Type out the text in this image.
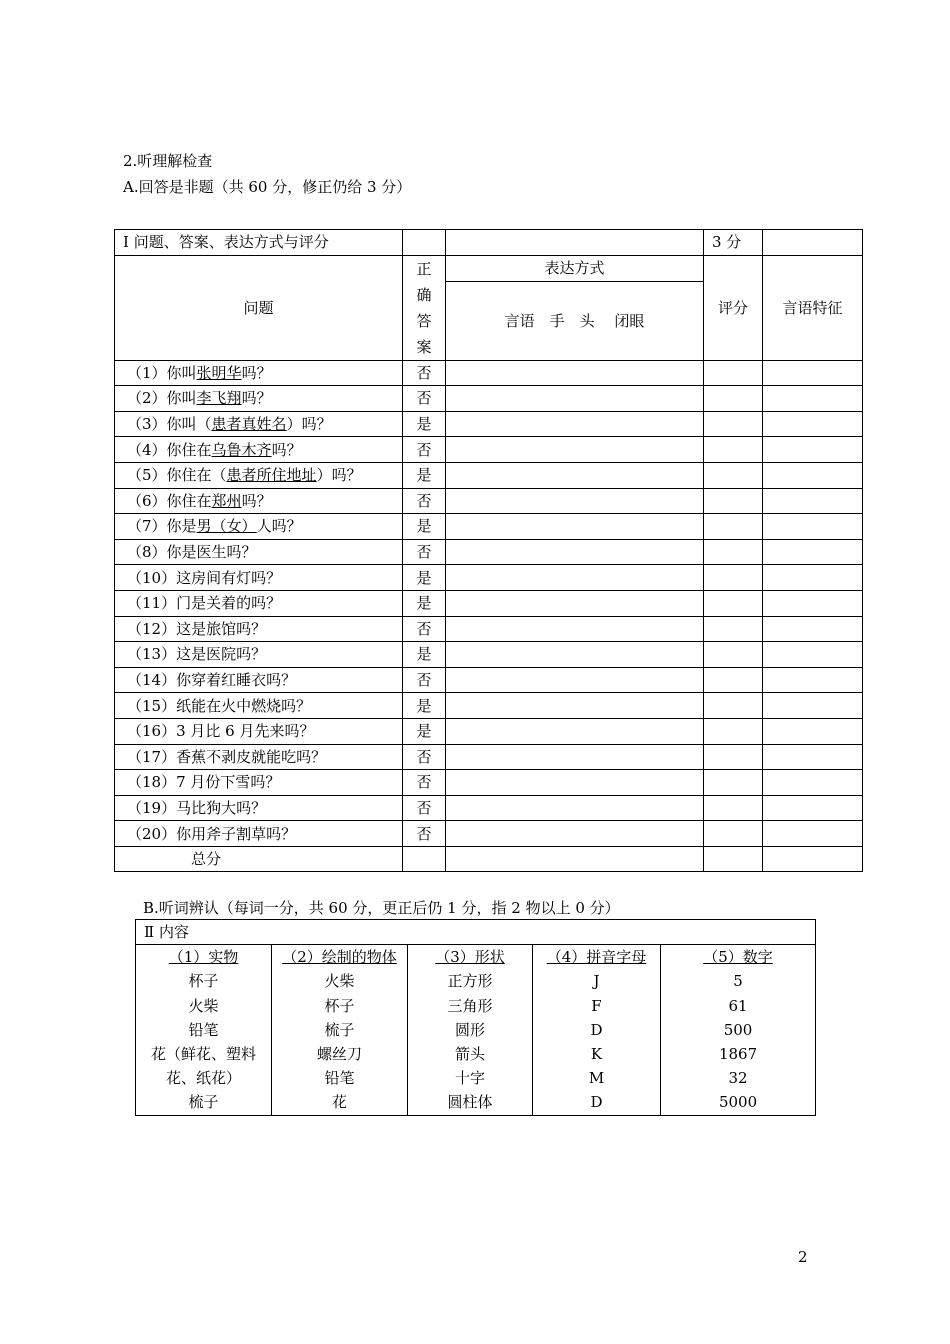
2.听理解检查
A.回答是非题（共 60 分，修正仍给 3 分）
Ⅰ 问题、答案、表达方式与评分			3 分	
问题	正
确
答
案	表达方式	评分	言语特征
		言语　手　头　 闭眼		
（1）你叫张明华吗？	否			
（2）你叫李飞翔吗？	否			
（3）你叫（患者真姓名）吗？	是			
（4）你住在乌鲁木齐吗？	否			
（5）你住在（患者所住地址）吗？	是			
（6）你住在郑州吗？	否			
（7）你是男（女）人吗？	是			
（8）你是医生吗？	否			
（10）这房间有灯吗？	是			
（11）门是关着的吗？	是			
（12）这是旅馆吗？	否			
（13）这是医院吗？	是			
（14）你穿着红睡衣吗？	否			
（15）纸能在火中燃烧吗？	是			
（16）3 月比 6 月先来吗？	是			
（17）香蕉不剥皮就能吃吗？	否			
（18）7 月份下雪吗？	否			
（19）马比狗大吗？	否			
（20）你用斧子割草吗？	否			
总分				
B.听词辨认（每词一分，共 60 分，更正后仍 1 分，指 2 物以上 0 分）
Ⅱ 内容				
（1）实物	（2）绘制的物体	（3）形状	（4）拼音字母	（5）数字
杯子	火柴	正方形	J	5
火柴	杯子	三角形	F	61
铅笔	梳子	圆形	D	500
花（鲜花、塑料	螺丝刀	箭头	K	1867
花、纸花）	铅笔	十字	M	32
梳子	花	圆柱体	D	5000
2
